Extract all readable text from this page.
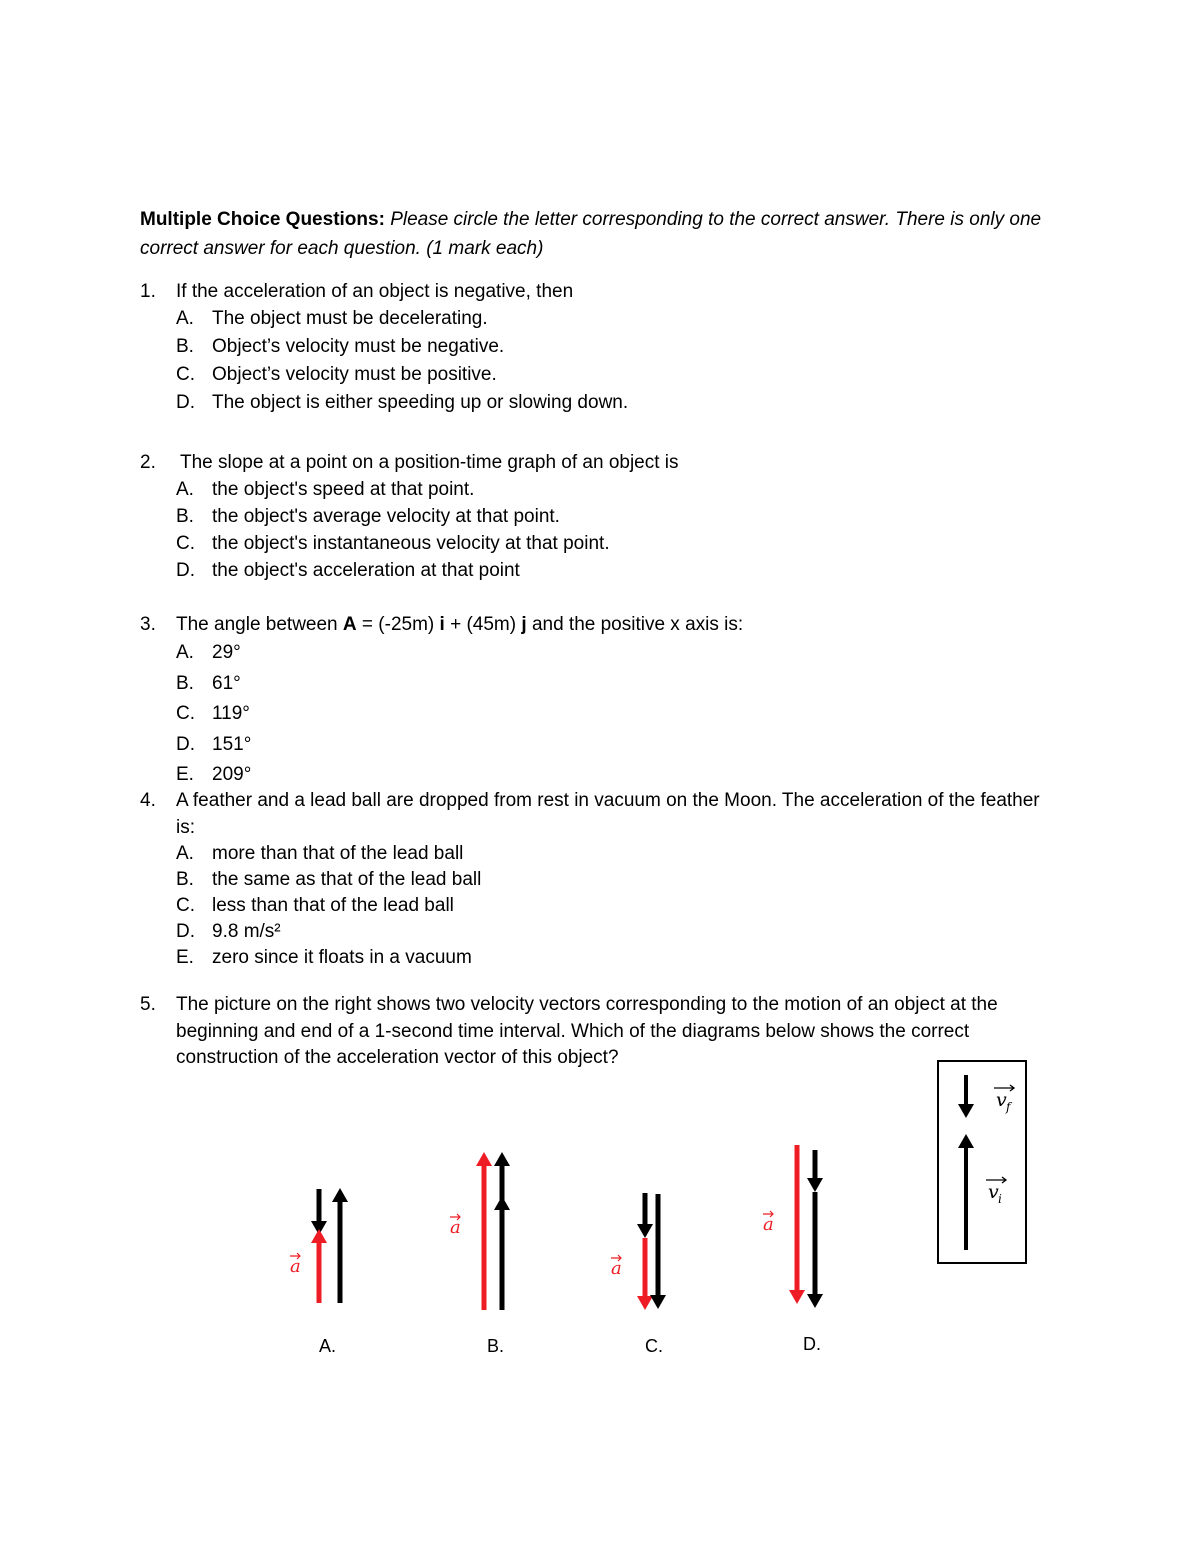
Multiple Choice Questions: Please circle the letter corresponding to the correct answer. There is only one correct answer for each question. (1 mark each)
1. If the acceleration of an object is negative, then
A. The object must be decelerating.
B. Object’s velocity must be negative.
C. Object’s velocity must be positive.
D. The object is either speeding up or slowing down.
2. The slope at a point on a position-time graph of an object is
A. the object's speed at that point.
B. the object's average velocity at that point.
C. the object's instantaneous velocity at that point.
D. the object's acceleration at that point
3. The angle between A = (-25m) i + (45m) j and the positive x axis is:
A. 29°
B. 61°
C. 119°
D. 151°
E. 209°
4. A feather and a lead ball are dropped from rest in vacuum on the Moon. The acceleration of the feather is:
A. more than that of the lead ball
B. the same as that of the lead ball
C. less than that of the lead ball
D. 9.8 m/s²
E. zero since it floats in a vacuum
5. The picture on the right shows two velocity vectors corresponding to the motion of an object at the beginning and end of a 1-second time interval. Which of the diagrams below shows the correct construction of the acceleration vector of this object?
v f
v i
a
a
a
a
A.	B.	C.	D.
